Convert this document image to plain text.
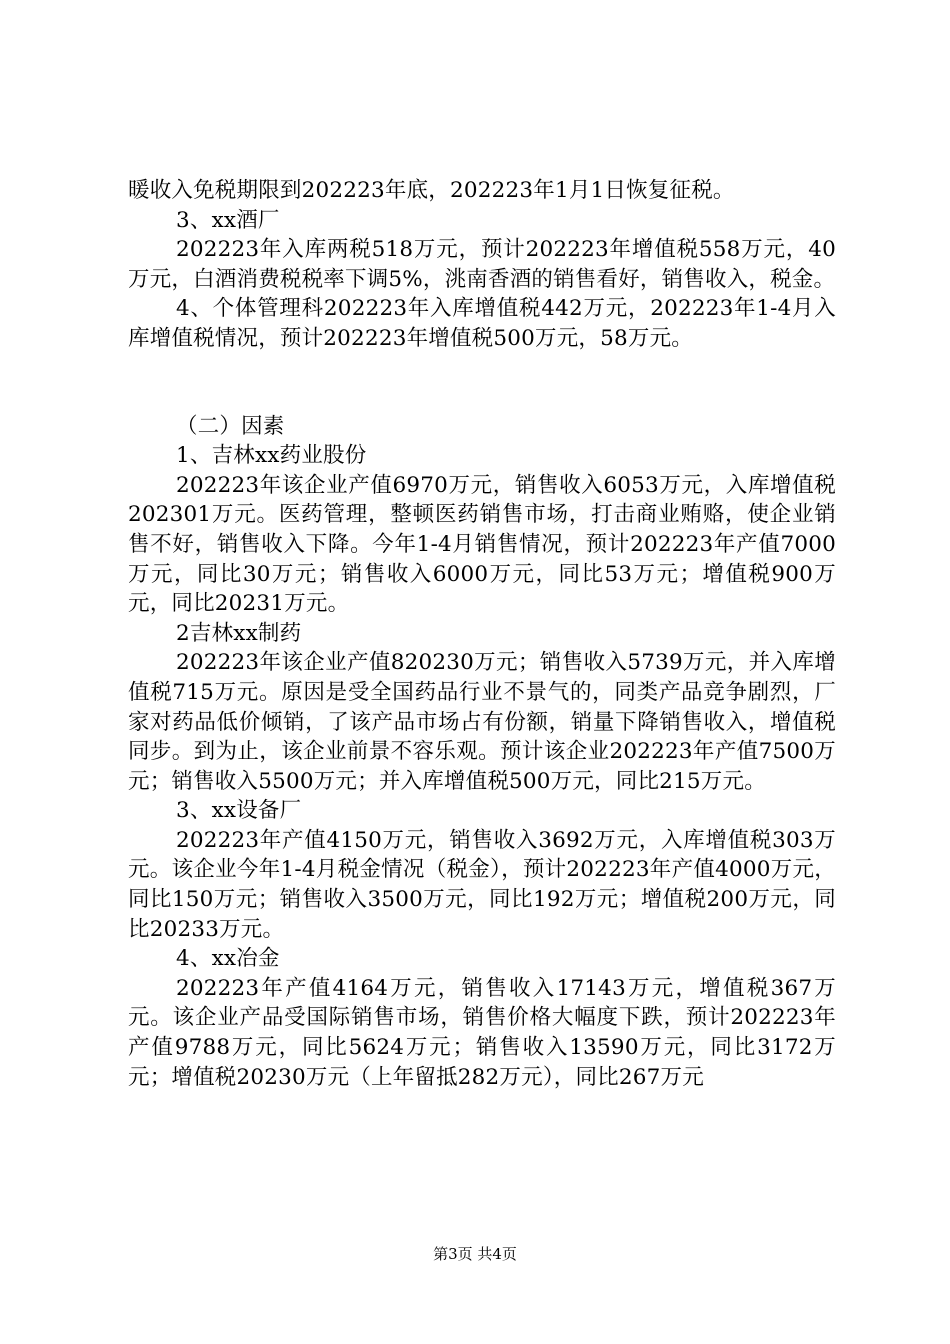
暖收入免税期限到202223年底，202223年1月1日恢复征税。

3、xx酒厂

202223年入库两税518万元，预计202223年增值税558万元，40万元，白酒消费税税率下调5%，洮南香酒的销售看好，销售收入，税金。

4、个体管理科202223年入库增值税442万元，202223年1-4月入库增值税情况，预计202223年增值税500万元，58万元。

（二）因素

1、吉林xx药业股份

202223年该企业产值6970万元，销售收入6053万元，入库增值税202301万元。医药管理，整顿医药销售市场，打击商业贿赂，使企业销售不好，销售收入下降。今年1-4月销售情况，预计202223年产值7000万元，同比30万元；销售收入6000万元，同比53万元；增值税900万元，同比20231万元。

2吉林xx制药

202223年该企业产值820230万元；销售收入5739万元，并入库增值税715万元。原因是受全国药品行业不景气的，同类产品竞争剧烈，厂家对药品低价倾销，了该产品市场占有份额，销量下降销售收入，增值税同步。到为止，该企业前景不容乐观。预计该企业202223年产值7500万元；销售收入5500万元；并入库增值税500万元，同比215万元。

3、xx设备厂

202223年产值4150万元，销售收入3692万元，入库增值税303万元。该企业今年1-4月税金情况（税金），预计202223年产值4000万元，同比150万元；销售收入3500万元，同比192万元；增值税200万元，同比20233万元。

4、xx冶金

202223年产值4164万元，销售收入17143万元，增值税367万元。该企业产品受国际销售市场，销售价格大幅度下跌，预计202223年产值9788万元，同比5624万元；销售收入13590万元，同比3172万元；增值税20230万元（上年留抵282万元），同比267万元

第3页 共4页
